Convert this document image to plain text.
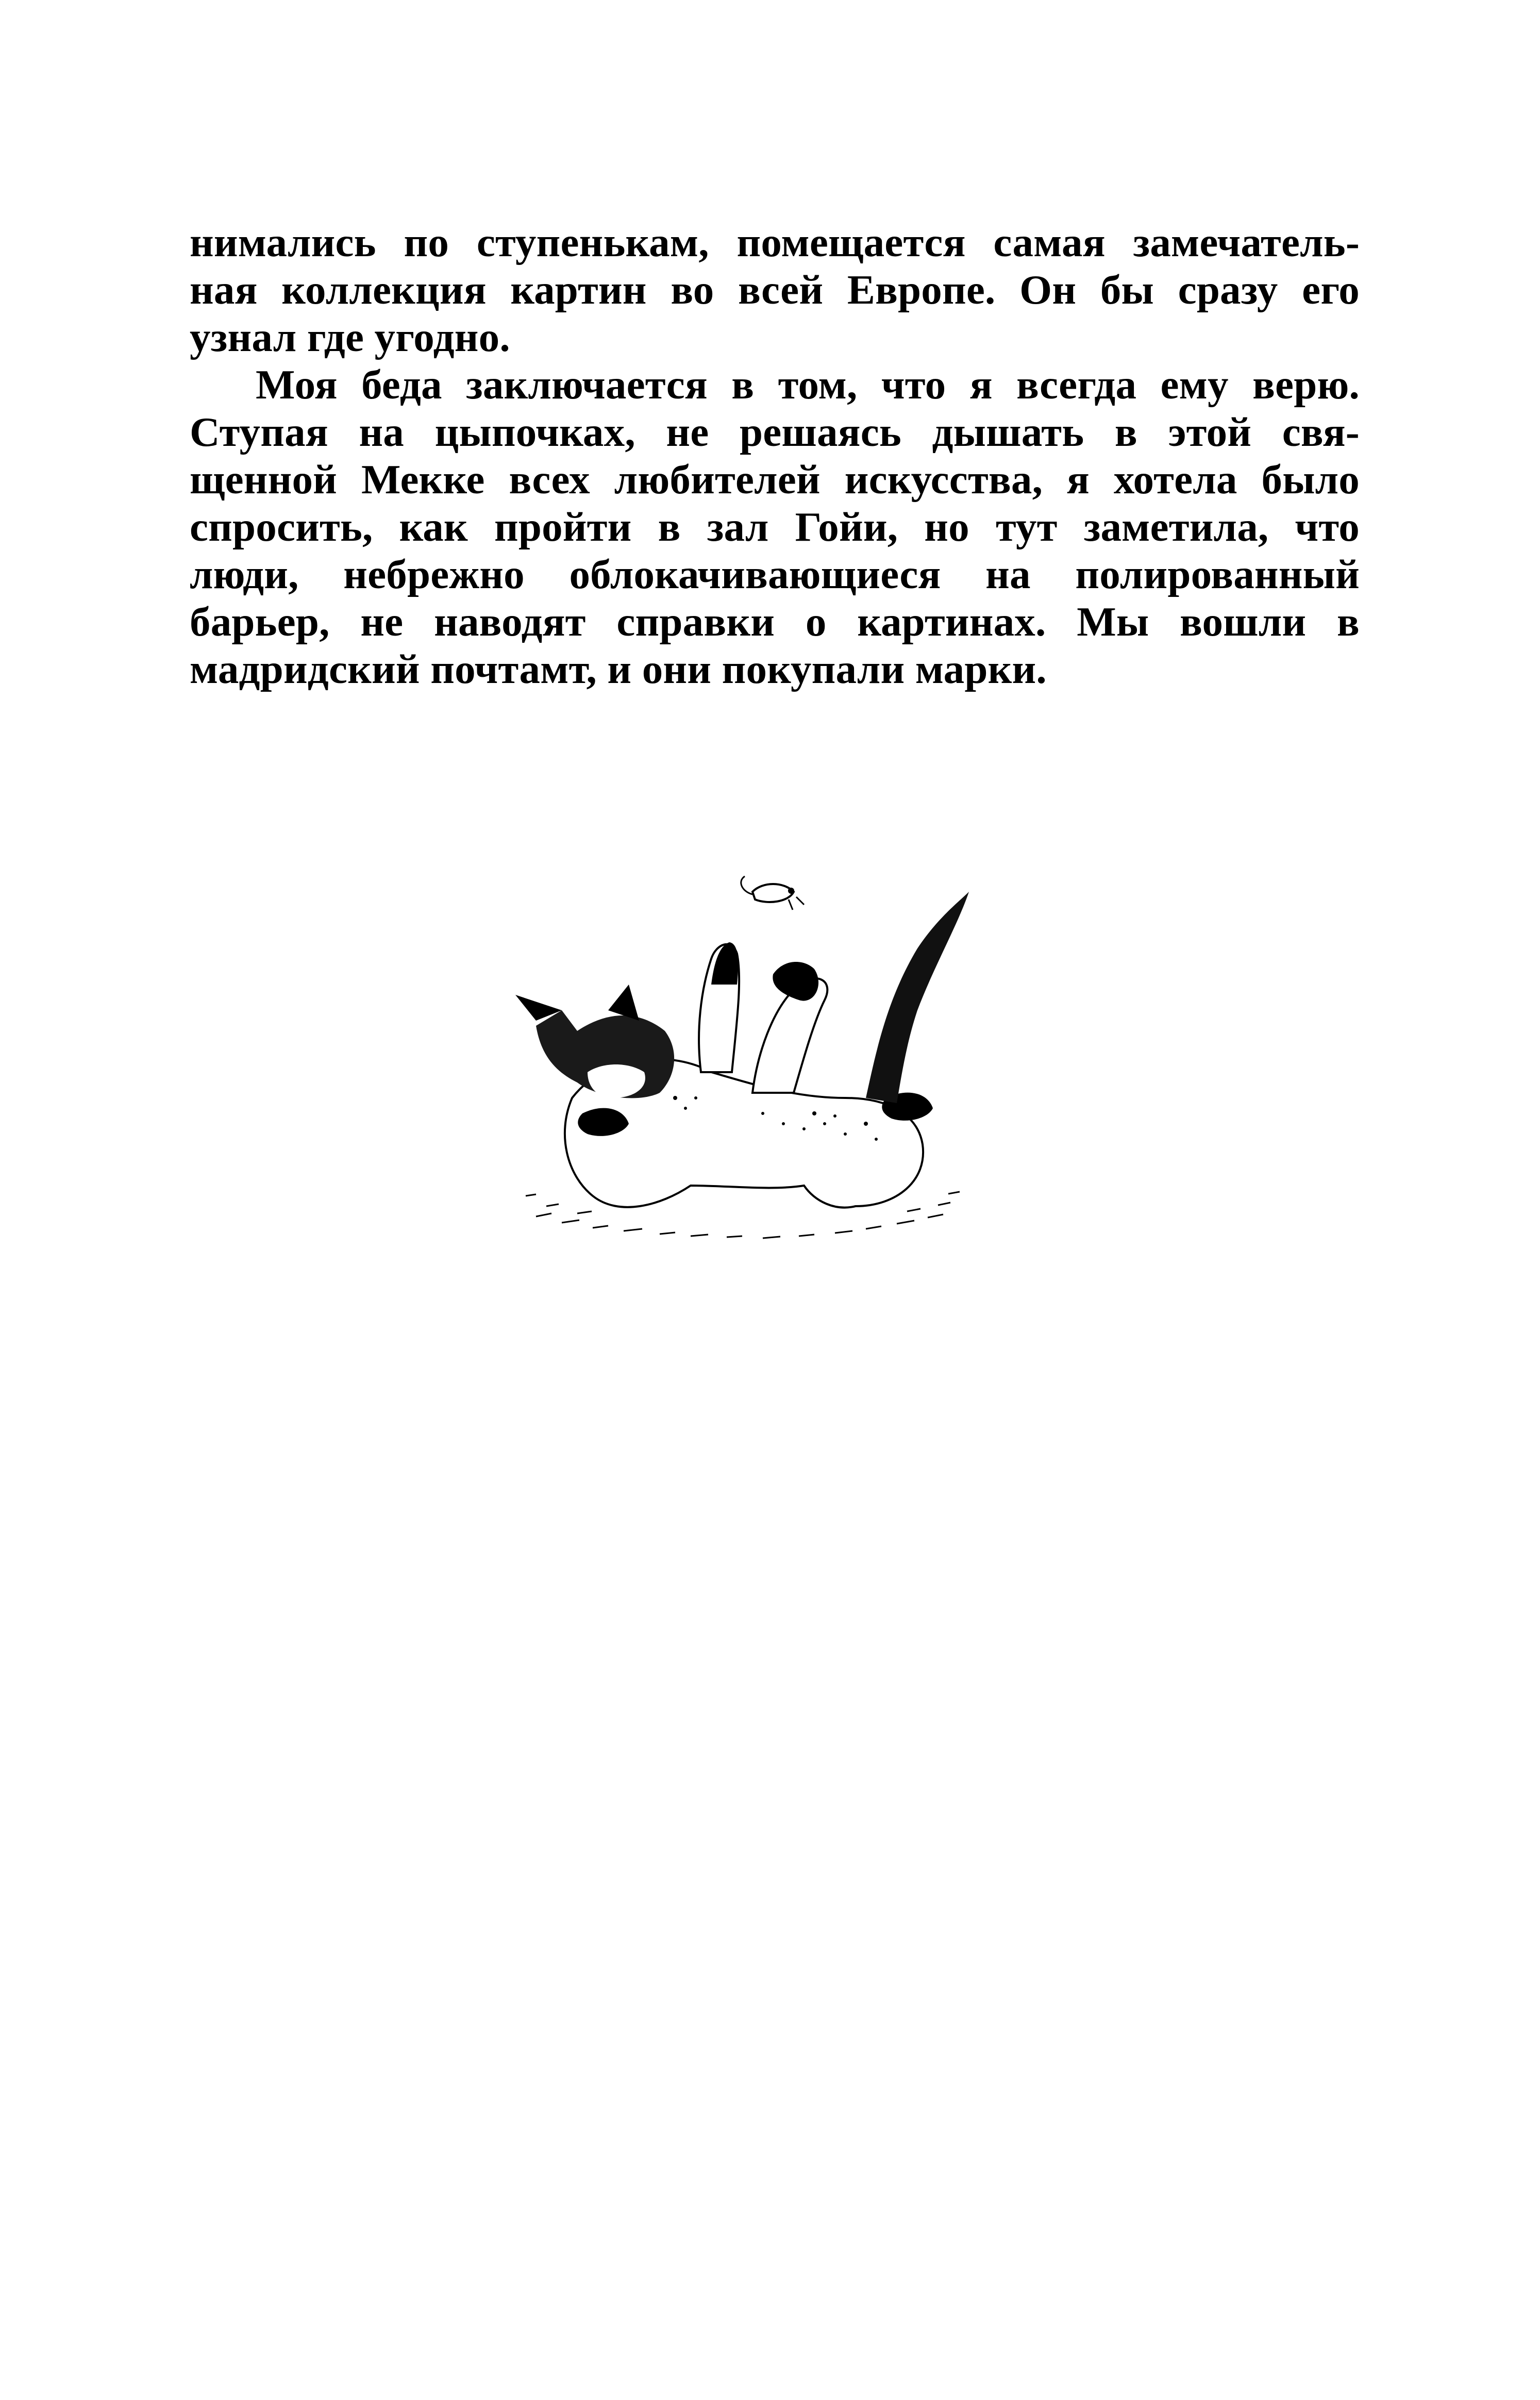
нимались по ступенькам, помещается самая замечатель-
ная коллекция картин во всей Европе. Он бы сразу его
узнал где угодно.
Моя беда заключается в том, что я всегда ему верю.
Ступая на цыпочках, не решаясь дышать в этой свя-
щенной Мекке всех любителей искусства, я хотела было
спросить, как пройти в зал Гойи, но тут заметила, что
люди, небрежно облокачивающиеся на полированный
барьер, не наводят справки о картинах. Мы вошли в
мадридский почтамт, и они покупали марки.
